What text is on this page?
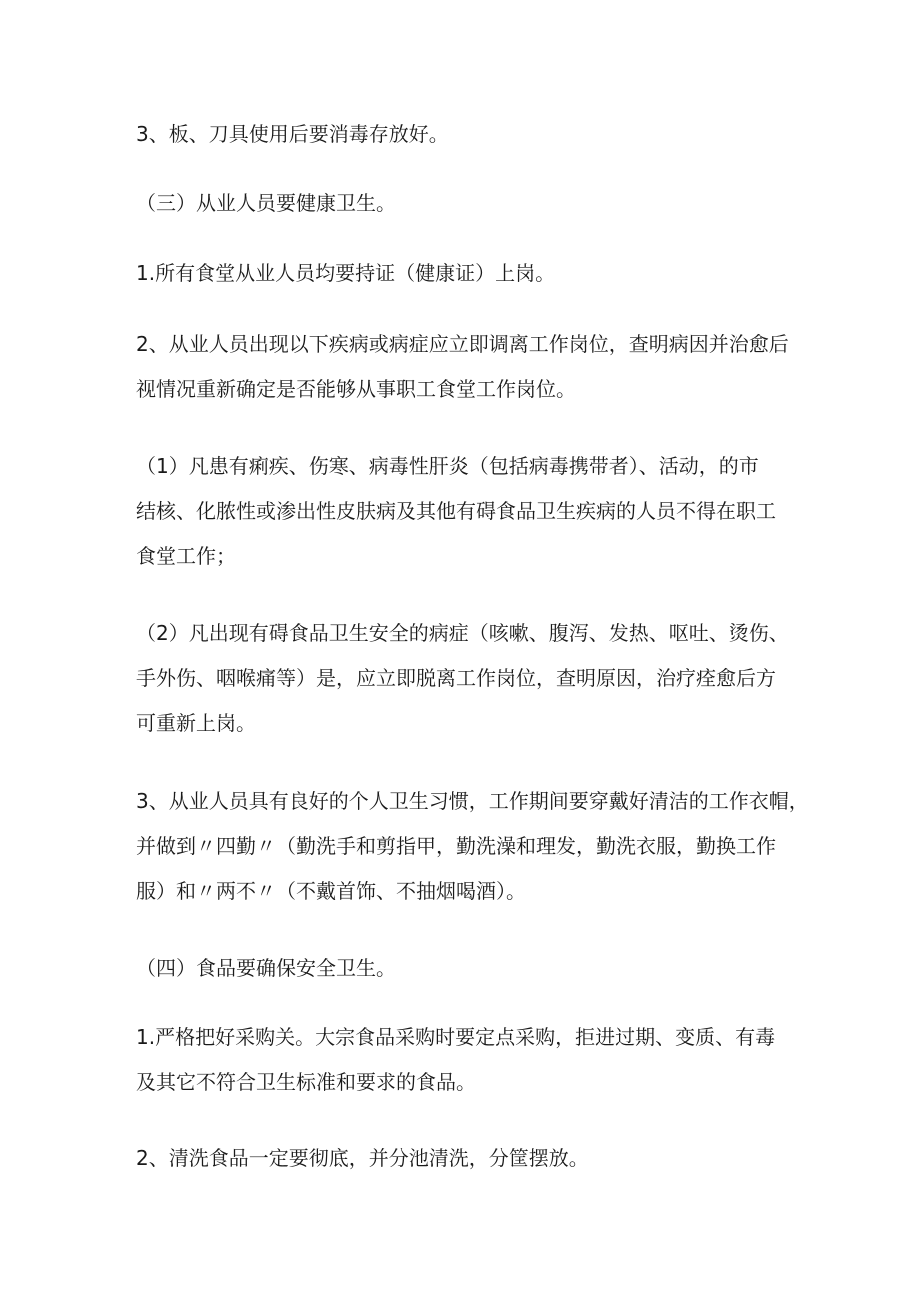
3、板、刀具使用后要消毒存放好。

（三）从业人员要健康卫生。

1.所有食堂从业人员均要持证（健康证）上岗。

2、从业人员出现以下疾病或病症应立即调离工作岗位，查明病因并治愈后
视情况重新确定是否能够从事职工食堂工作岗位。

（1）凡患有痢疾、伤寒、病毒性肝炎（包括病毒携带者）、活动，的市
结核、化脓性或渗出性皮肤病及其他有碍食品卫生疾病的人员不得在职工
食堂工作；

（2）凡出现有碍食品卫生安全的病症（咳嗽、腹泻、发热、呕吐、烫伤、
手外伤、咽喉痛等）是，应立即脱离工作岗位，查明原因，治疗痊愈后方
可重新上岗。

3、从业人员具有良好的个人卫生习惯，工作期间要穿戴好清洁的工作衣帽，
并做到〃四勤〃（勤洗手和剪指甲，勤洗澡和理发，勤洗衣服，勤换工作
服）和〃两不〃（不戴首饰、不抽烟喝酒）。

（四）食品要确保安全卫生。

1.严格把好采购关。大宗食品采购时要定点采购，拒进过期、变质、有毒
及其它不符合卫生标准和要求的食品。

2、清洗食品一定要彻底，并分池清洗，分筐摆放。
